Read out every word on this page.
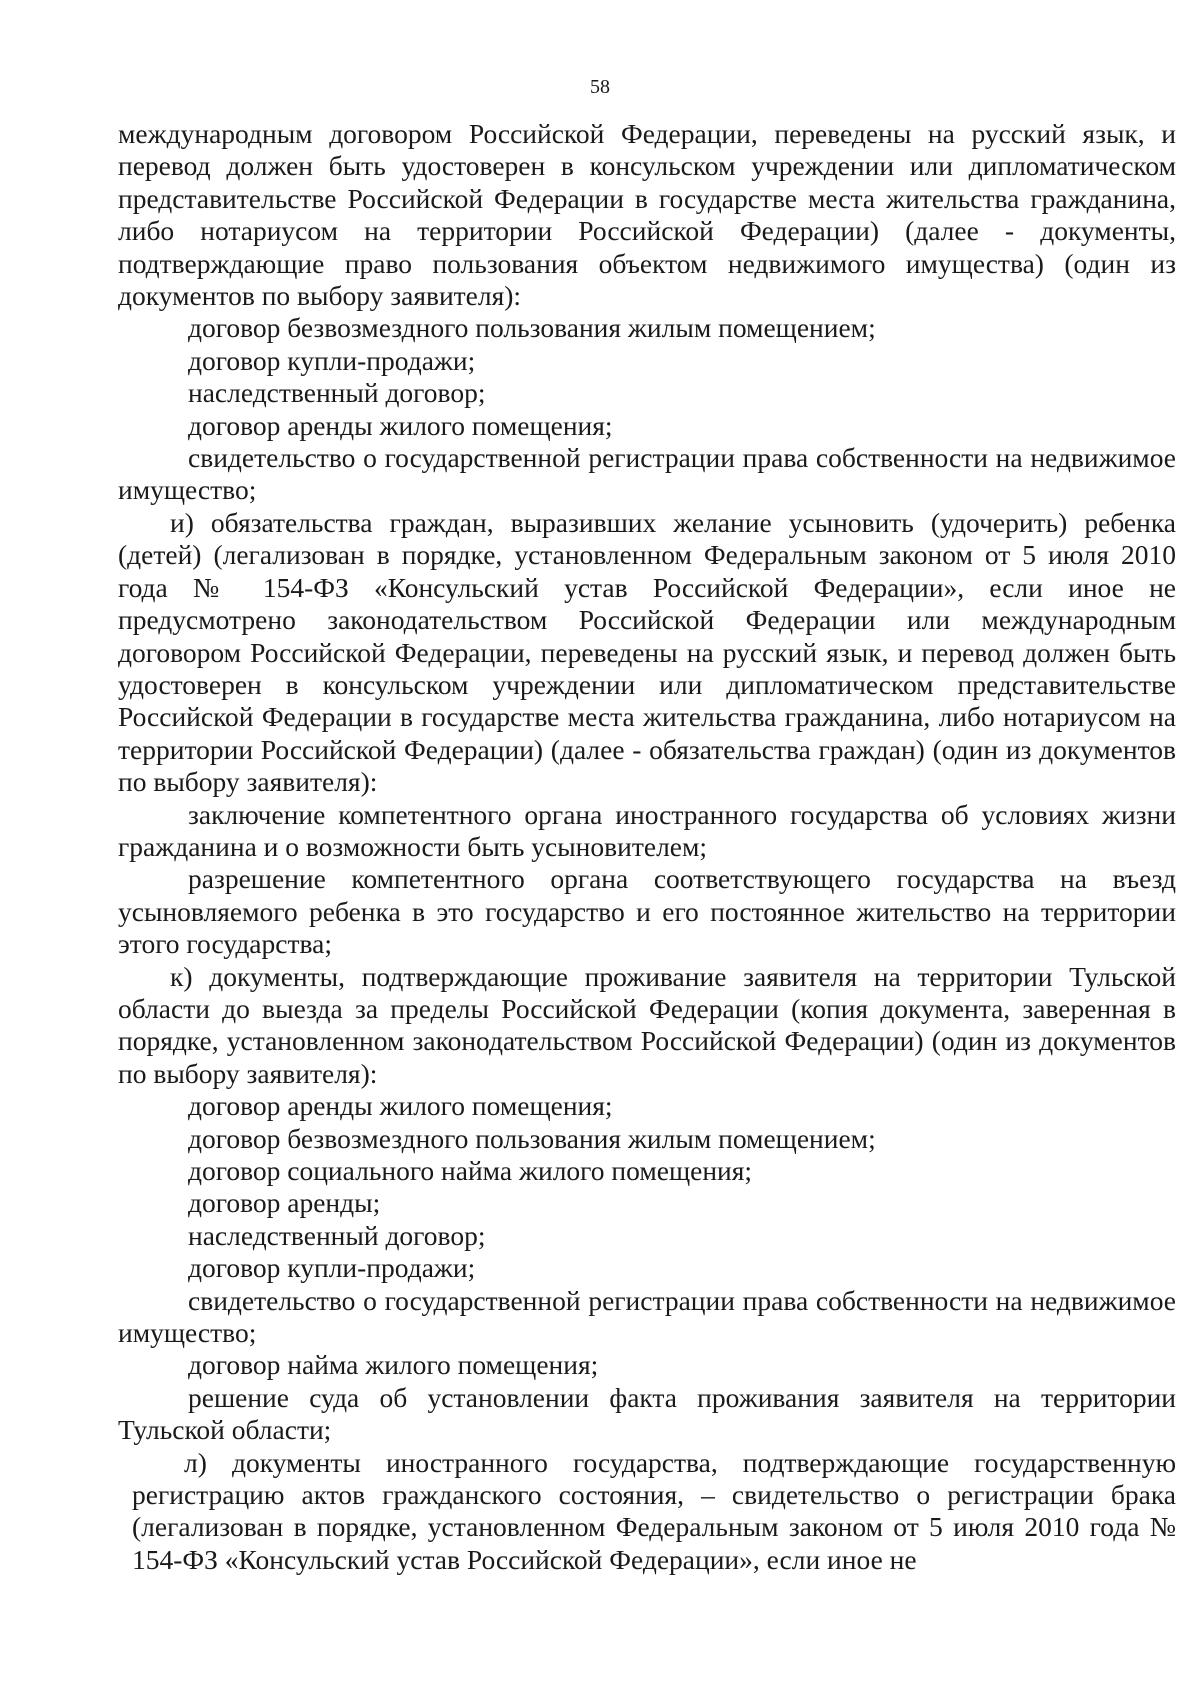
58

международным договором Российской Федерации, переведены на русский язык, и перевод должен быть удостоверен в консульском учреждении или дипломатическом представительстве Российской Федерации в государстве места жительства гражданина, либо нотариусом на территории Российской Федерации) (далее - документы, подтверждающие право пользования объектом недвижимого имущества) (один из документов по выбору заявителя):

договор безвозмездного пользования жилым помещением;

договор купли-продажи;

наследственный договор;

договор аренды жилого помещения;

свидетельство о государственной регистрации права собственности на недвижимое имущество;

и) обязательства граждан, выразивших желание усыновить (удочерить) ребенка (детей) (легализован в порядке, установленном Федеральным законом от 5 июля 2010 года № 154-ФЗ «Консульский устав Российской Федерации», если иное не предусмотрено законодательством Российской Федерации или международным договором Российской Федерации, переведены на русский язык, и перевод должен быть удостоверен в консульском учреждении или дипломатическом представительстве Российской Федерации в государстве места жительства гражданина, либо нотариусом на территории Российской Федерации) (далее - обязательства граждан) (один из документов по выбору заявителя):

заключение компетентного органа иностранного государства об условиях жизни гражданина и о возможности быть усыновителем;

разрешение компетентного органа соответствующего государства на въезд усыновляемого ребенка в это государство и его постоянное жительство на территории этого государства;

к) документы, подтверждающие проживание заявителя на территории Тульской области до выезда за пределы Российской Федерации (копия документа, заверенная в порядке, установленном законодательством Российской Федерации) (один из документов по выбору заявителя):

договор аренды жилого помещения;

договор безвозмездного пользования жилым помещением;

договор социального найма жилого помещения;

договор аренды;

наследственный договор;

договор купли-продажи;

свидетельство о государственной регистрации права собственности на недвижимое имущество;

договор найма жилого помещения;

решение суда об установлении факта проживания заявителя на территории Тульской области;

л) документы иностранного государства, подтверждающие государственную регистрацию актов гражданского состояния, – свидетельство о регистрации брака (легализован в порядке, установленном Федеральным законом от 5 июля 2010 года № 154-ФЗ «Консульский устав Российской Федерации», если иное не
